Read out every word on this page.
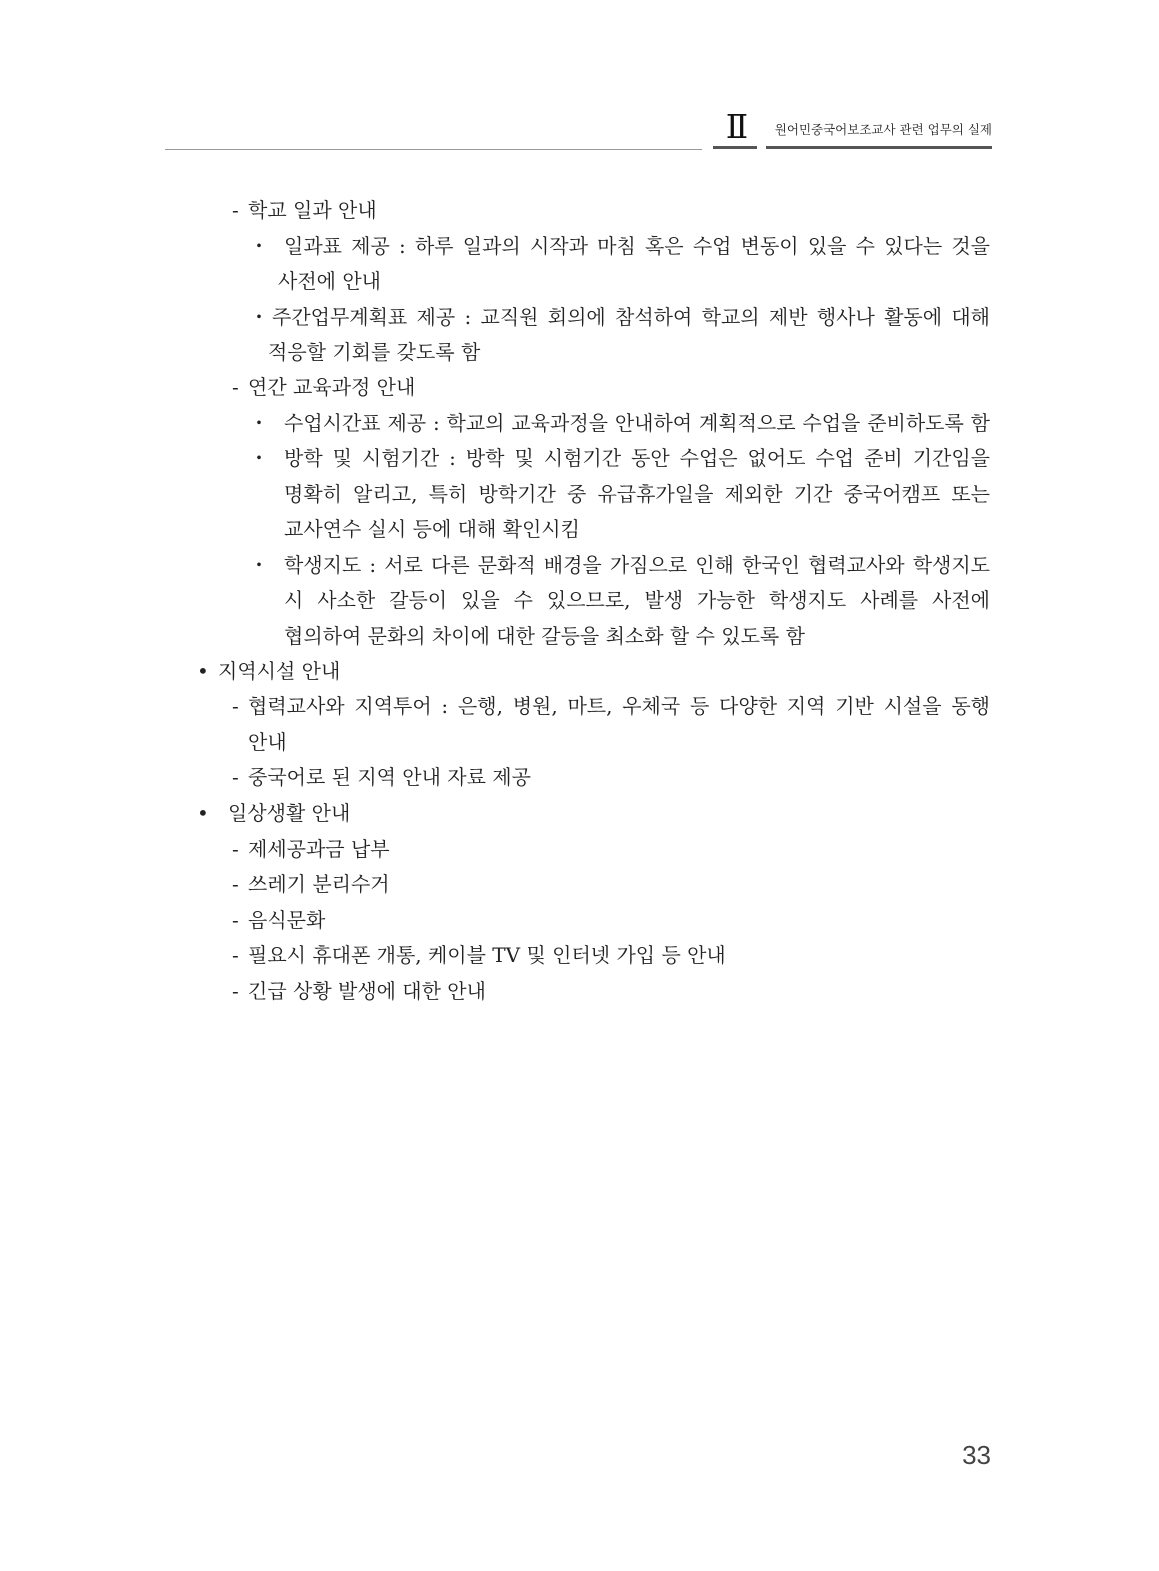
Ⅱ	원어민중국어보조교사 관련 업무의 실제
- 학교 일과 안내
・ 일과표 제공 : 하루 일과의 시작과 마침 혹은 수업 변동이 있을 수 있다는 것을
사전에 안내
・ 주간업무계획표 제공 : 교직원 회의에 참석하여 학교의 제반 행사나 활동에 대해
적응할 기회를 갖도록 함
- 연간 교육과정 안내
・ 수업시간표 제공 : 학교의 교육과정을 안내하여 계획적으로 수업을 준비하도록 함
・ 방학 및 시험기간 : 방학 및 시험기간 동안 수업은 없어도 수업 준비 기간임을
명확히 알리고, 특히 방학기간 중 유급휴가일을 제외한 기간 중국어캠프 또는
교사연수 실시 등에 대해 확인시킴
・ 학생지도 : 서로 다른 문화적 배경을 가짐으로 인해 한국인 협력교사와 학생지도
시 사소한 갈등이 있을 수 있으므로, 발생 가능한 학생지도 사례를 사전에
협의하여 문화의 차이에 대한 갈등을 최소화 할 수 있도록 함
• 지역시설 안내
- 협력교사와 지역투어 : 은행, 병원, 마트, 우체국 등 다양한 지역 기반 시설을 동행
안내
- 중국어로 된 지역 안내 자료 제공
• 일상생활 안내
- 제세공과금 납부
- 쓰레기 분리수거
- 음식문화
- 필요시 휴대폰 개통, 케이블 TV 및 인터넷 가입 등 안내
- 긴급 상황 발생에 대한 안내
33
